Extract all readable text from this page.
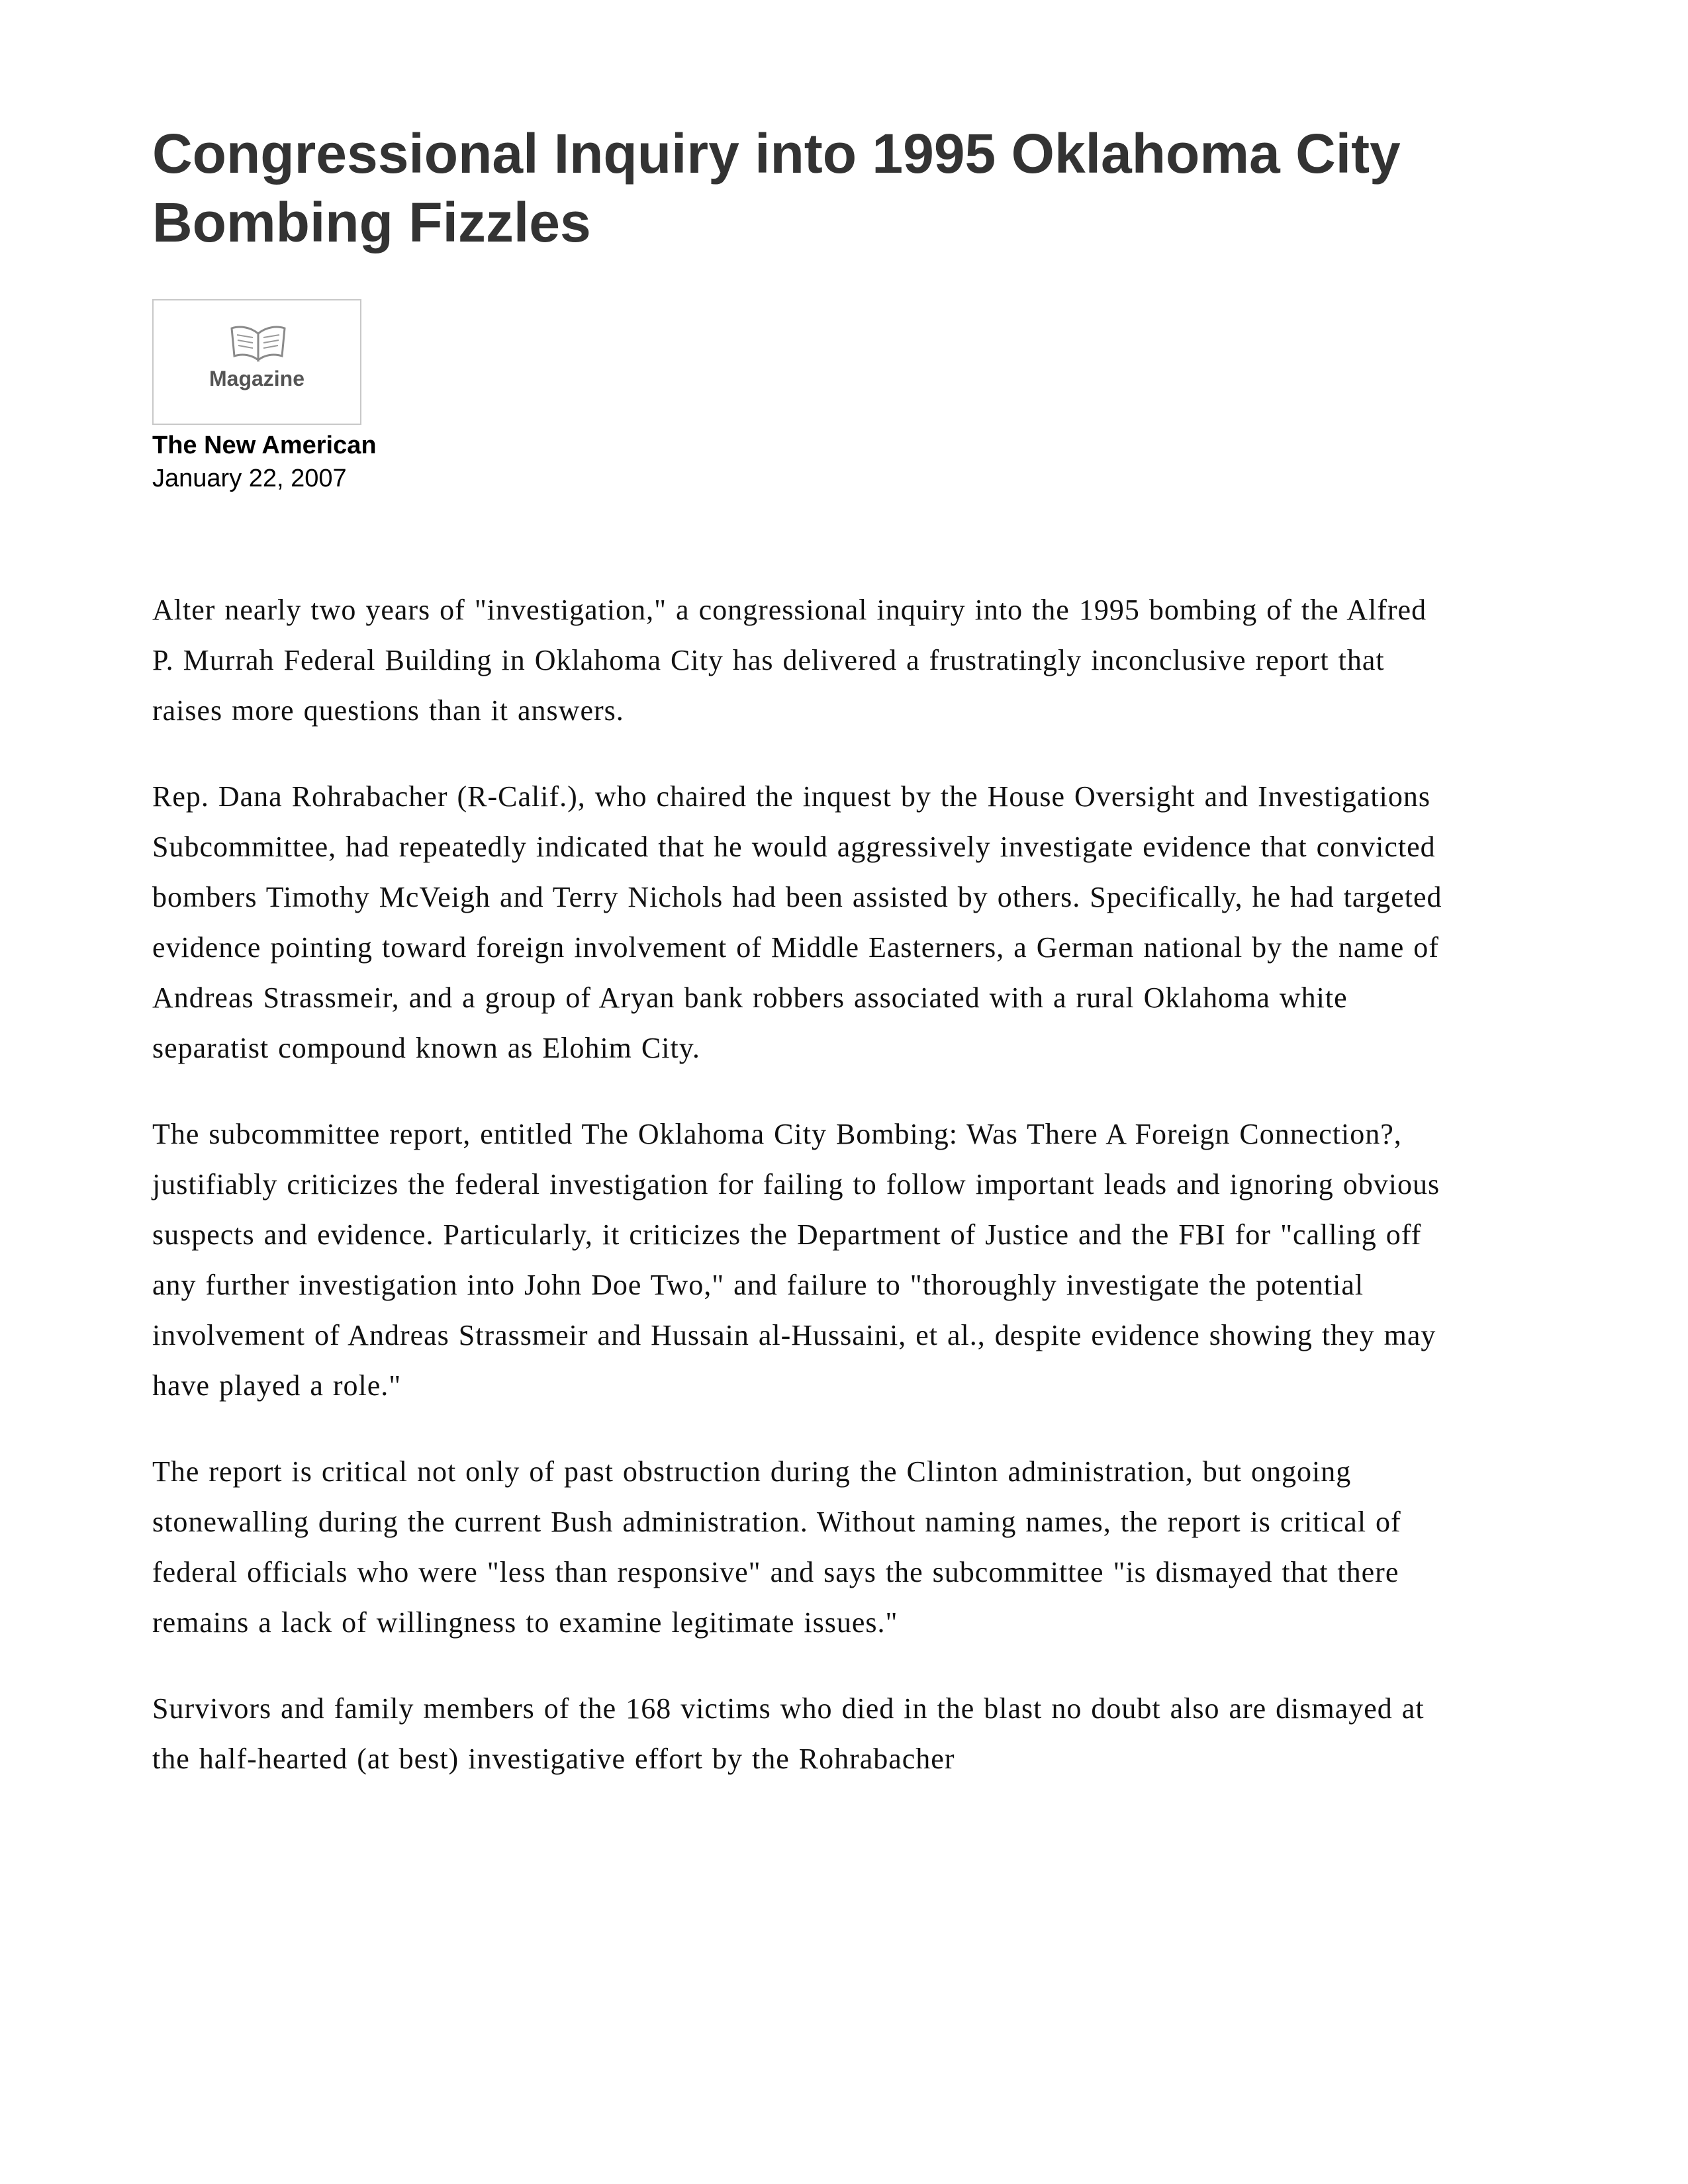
Congressional Inquiry into 1995 Oklahoma City Bombing Fizzles
Magazine
The New American
January 22, 2007

Alter nearly two years of "investigation," a congressional inquiry into the 1995 bombing of the Alfred P. Murrah Federal Building in Oklahoma City has delivered a frustratingly inconclusive report that raises more questions than it answers.

Rep. Dana Rohrabacher (R-Calif.), who chaired the inquest by the House Oversight and Investigations Subcommittee, had repeatedly indicated that he would aggressively investigate evidence that convicted bombers Timothy McVeigh and Terry Nichols had been assisted by others. Specifically, he had targeted evidence pointing toward foreign involvement of Middle Easterners, a German national by the name of Andreas Strassmeir, and a group of Aryan bank robbers associated with a rural Oklahoma white separatist compound known as Elohim City.

The subcommittee report, entitled The Oklahoma City Bombing: Was There A Foreign Connection?, justifiably criticizes the federal investigation for failing to follow important leads and ignoring obvious suspects and evidence. Particularly, it criticizes the Department of Justice and the FBI for "calling off any further investigation into John Doe Two," and failure to "thoroughly investigate the potential involvement of Andreas Strassmeir and Hussain al-Hussaini, et al., despite evidence showing they may have played a role."

The report is critical not only of past obstruction during the Clinton administration, but ongoing stonewalling during the current Bush administration. Without naming names, the report is critical of federal officials who were "less than responsive" and says the subcommittee "is dismayed that there remains a lack of willingness to examine legitimate issues."

Survivors and family members of the 168 victims who died in the blast no doubt also are dismayed at the half-hearted (at best) investigative effort by the Rohrabacher
